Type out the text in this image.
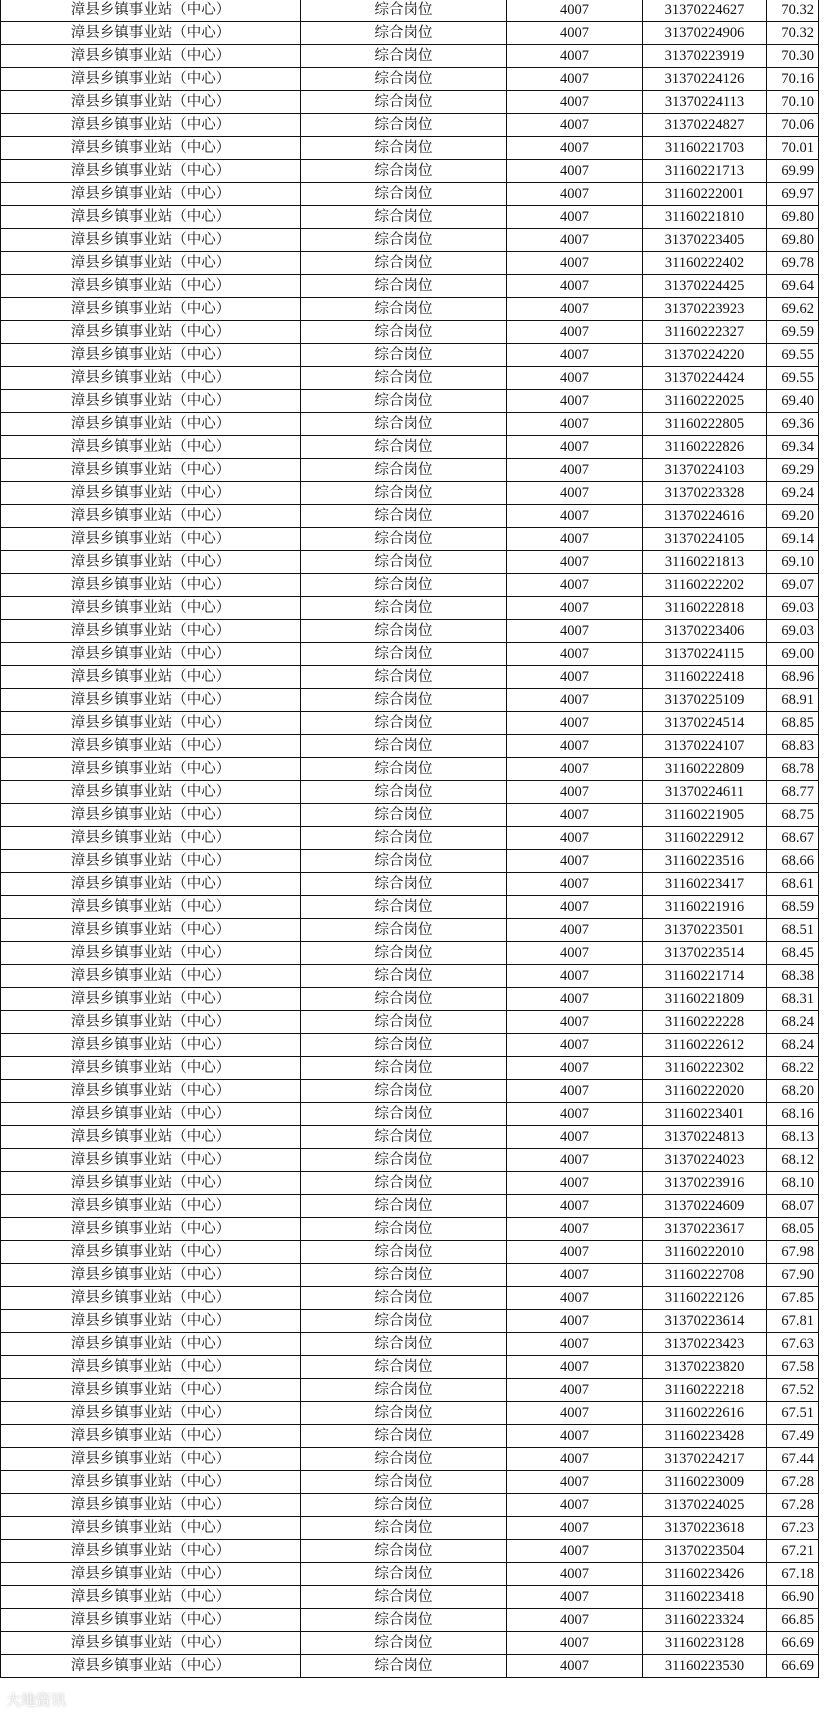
漳县乡镇事业站（中心）	综合岗位	4007	31370224627	70.32
漳县乡镇事业站（中心）	综合岗位	4007	31370224906	70.32
漳县乡镇事业站（中心）	综合岗位	4007	31370223919	70.30
漳县乡镇事业站（中心）	综合岗位	4007	31370224126	70.16
漳县乡镇事业站（中心）	综合岗位	4007	31370224113	70.10
漳县乡镇事业站（中心）	综合岗位	4007	31370224827	70.06
漳县乡镇事业站（中心）	综合岗位	4007	31160221703	70.01
漳县乡镇事业站（中心）	综合岗位	4007	31160221713	69.99
漳县乡镇事业站（中心）	综合岗位	4007	31160222001	69.97
漳县乡镇事业站（中心）	综合岗位	4007	31160221810	69.80
漳县乡镇事业站（中心）	综合岗位	4007	31370223405	69.80
漳县乡镇事业站（中心）	综合岗位	4007	31160222402	69.78
漳县乡镇事业站（中心）	综合岗位	4007	31370224425	69.64
漳县乡镇事业站（中心）	综合岗位	4007	31370223923	69.62
漳县乡镇事业站（中心）	综合岗位	4007	31160222327	69.59
漳县乡镇事业站（中心）	综合岗位	4007	31370224220	69.55
漳县乡镇事业站（中心）	综合岗位	4007	31370224424	69.55
漳县乡镇事业站（中心）	综合岗位	4007	31160222025	69.40
漳县乡镇事业站（中心）	综合岗位	4007	31160222805	69.36
漳县乡镇事业站（中心）	综合岗位	4007	31160222826	69.34
漳县乡镇事业站（中心）	综合岗位	4007	31370224103	69.29
漳县乡镇事业站（中心）	综合岗位	4007	31370223328	69.24
漳县乡镇事业站（中心）	综合岗位	4007	31370224616	69.20
漳县乡镇事业站（中心）	综合岗位	4007	31370224105	69.14
漳县乡镇事业站（中心）	综合岗位	4007	31160221813	69.10
漳县乡镇事业站（中心）	综合岗位	4007	31160222202	69.07
漳县乡镇事业站（中心）	综合岗位	4007	31160222818	69.03
漳县乡镇事业站（中心）	综合岗位	4007	31370223406	69.03
漳县乡镇事业站（中心）	综合岗位	4007	31370224115	69.00
漳县乡镇事业站（中心）	综合岗位	4007	31160222418	68.96
漳县乡镇事业站（中心）	综合岗位	4007	31370225109	68.91
漳县乡镇事业站（中心）	综合岗位	4007	31370224514	68.85
漳县乡镇事业站（中心）	综合岗位	4007	31370224107	68.83
漳县乡镇事业站（中心）	综合岗位	4007	31160222809	68.78
漳县乡镇事业站（中心）	综合岗位	4007	31370224611	68.77
漳县乡镇事业站（中心）	综合岗位	4007	31160221905	68.75
漳县乡镇事业站（中心）	综合岗位	4007	31160222912	68.67
漳县乡镇事业站（中心）	综合岗位	4007	31160223516	68.66
漳县乡镇事业站（中心）	综合岗位	4007	31160223417	68.61
漳县乡镇事业站（中心）	综合岗位	4007	31160221916	68.59
漳县乡镇事业站（中心）	综合岗位	4007	31370223501	68.51
漳县乡镇事业站（中心）	综合岗位	4007	31370223514	68.45
漳县乡镇事业站（中心）	综合岗位	4007	31160221714	68.38
漳县乡镇事业站（中心）	综合岗位	4007	31160221809	68.31
漳县乡镇事业站（中心）	综合岗位	4007	31160222228	68.24
漳县乡镇事业站（中心）	综合岗位	4007	31160222612	68.24
漳县乡镇事业站（中心）	综合岗位	4007	31160222302	68.22
漳县乡镇事业站（中心）	综合岗位	4007	31160222020	68.20
漳县乡镇事业站（中心）	综合岗位	4007	31160223401	68.16
漳县乡镇事业站（中心）	综合岗位	4007	31370224813	68.13
漳县乡镇事业站（中心）	综合岗位	4007	31370224023	68.12
漳县乡镇事业站（中心）	综合岗位	4007	31370223916	68.10
漳县乡镇事业站（中心）	综合岗位	4007	31370224609	68.07
漳县乡镇事业站（中心）	综合岗位	4007	31370223617	68.05
漳县乡镇事业站（中心）	综合岗位	4007	31160222010	67.98
漳县乡镇事业站（中心）	综合岗位	4007	31160222708	67.90
漳县乡镇事业站（中心）	综合岗位	4007	31160222126	67.85
漳县乡镇事业站（中心）	综合岗位	4007	31370223614	67.81
漳县乡镇事业站（中心）	综合岗位	4007	31370223423	67.63
漳县乡镇事业站（中心）	综合岗位	4007	31370223820	67.58
漳县乡镇事业站（中心）	综合岗位	4007	31160222218	67.52
漳县乡镇事业站（中心）	综合岗位	4007	31160222616	67.51
漳县乡镇事业站（中心）	综合岗位	4007	31160223428	67.49
漳县乡镇事业站（中心）	综合岗位	4007	31370224217	67.44
漳县乡镇事业站（中心）	综合岗位	4007	31160223009	67.28
漳县乡镇事业站（中心）	综合岗位	4007	31370224025	67.28
漳县乡镇事业站（中心）	综合岗位	4007	31370223618	67.23
漳县乡镇事业站（中心）	综合岗位	4007	31370223504	67.21
漳县乡镇事业站（中心）	综合岗位	4007	31160223426	67.18
漳县乡镇事业站（中心）	综合岗位	4007	31160223418	66.90
漳县乡镇事业站（中心）	综合岗位	4007	31160223324	66.85
漳县乡镇事业站（中心）	综合岗位	4007	31160223128	66.69
漳县乡镇事业站（中心）	综合岗位	4007	31160223530	66.69
大地资讯
